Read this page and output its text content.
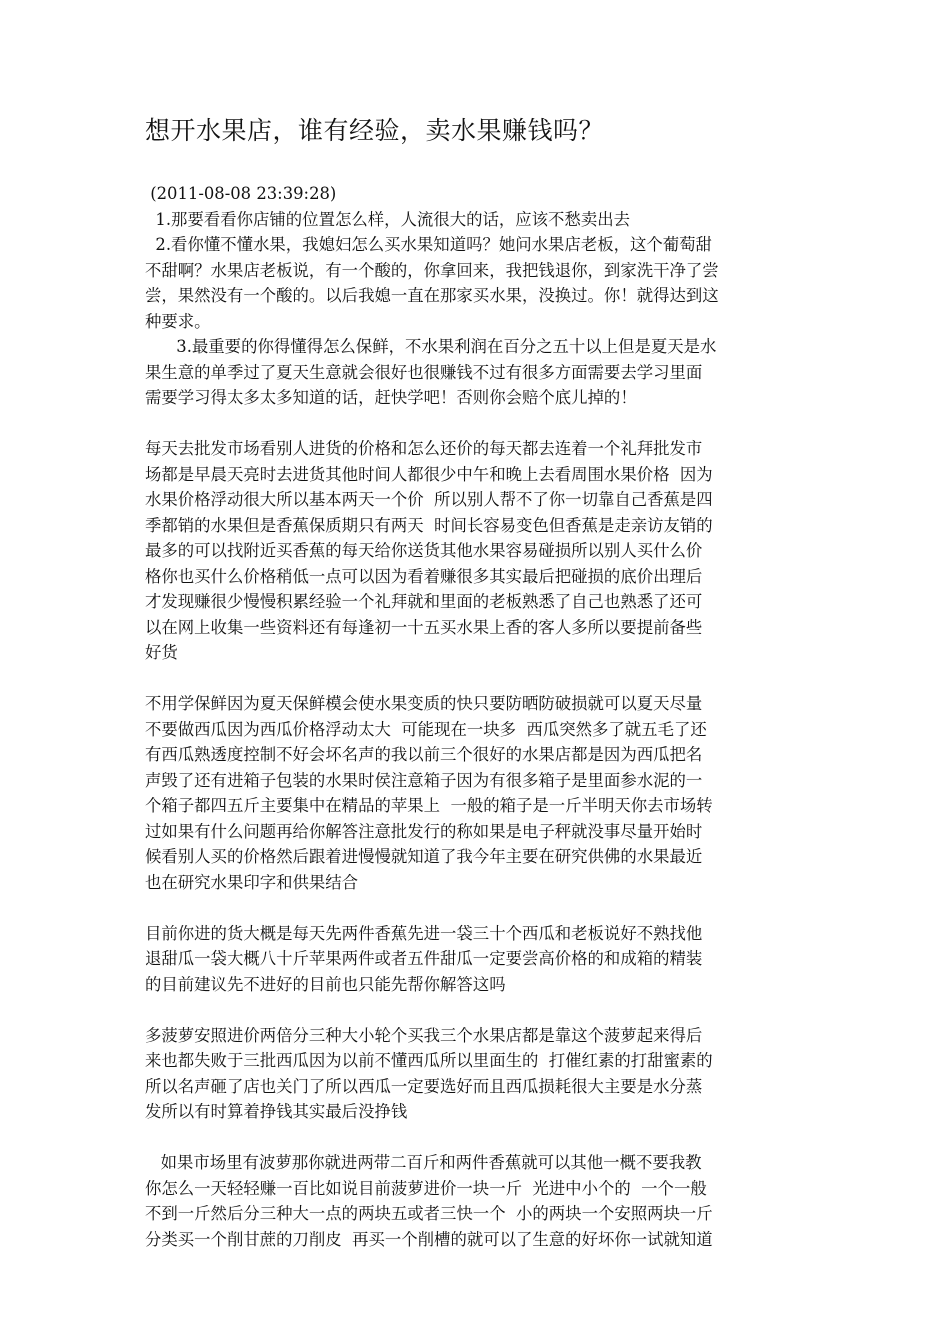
想开水果店，谁有经验，卖水果赚钱吗？
(2011-08-08 23:39:28)
1.那要看看你店铺的位置怎么样，人流很大的话，应该不愁卖出去
2.看你懂不懂水果，我媳妇怎么买水果知道吗？她问水果店老板，这个葡萄甜
不甜啊？水果店老板说，有一个酸的，你拿回来，我把钱退你，到家洗干净了尝
尝，果然没有一个酸的。以后我媳一直在那家买水果，没换过。你！就得达到这
种要求。
3.最重要的你得懂得怎么保鲜，不水果利润在百分之五十以上但是夏天是水
果生意的单季过了夏天生意就会很好也很赚钱不过有很多方面需要去学习里面
需要学习得太多太多知道的话，赶快学吧！否则你会赔个底儿掉的！
每天去批发市场看别人进货的价格和怎么还价的每天都去连着一个礼拜批发市
场都是早晨天亮时去进货其他时间人都很少中午和晚上去看周围水果价格  因为
水果价格浮动很大所以基本两天一个价  所以别人帮不了你一切靠自己香蕉是四
季都销的水果但是香蕉保质期只有两天  时间长容易变色但香蕉是走亲访友销的
最多的可以找附近买香蕉的每天给你送货其他水果容易碰损所以别人买什么价
格你也买什么价格稍低一点可以因为看着赚很多其实最后把碰损的底价出理后
才发现赚很少慢慢积累经验一个礼拜就和里面的老板熟悉了自己也熟悉了还可
以在网上收集一些资料还有每逢初一十五买水果上香的客人多所以要提前备些
好货
不用学保鲜因为夏天保鲜模会使水果变质的快只要防晒防破损就可以夏天尽量
不要做西瓜因为西瓜价格浮动太大  可能现在一块多  西瓜突然多了就五毛了还
有西瓜熟透度控制不好会坏名声的我以前三个很好的水果店都是因为西瓜把名
声毁了还有进箱子包装的水果时侯注意箱子因为有很多箱子是里面参水泥的一
个箱子都四五斤主要集中在精品的苹果上  一般的箱子是一斤半明天你去市场转
过如果有什么问题再给你解答注意批发行的称如果是电子秤就没事尽量开始时
候看别人买的价格然后跟着进慢慢就知道了我今年主要在研究供佛的水果最近
也在研究水果印字和供果结合
目前你进的货大概是每天先两件香蕉先进一袋三十个西瓜和老板说好不熟找他
退甜瓜一袋大概八十斤苹果两件或者五件甜瓜一定要尝高价格的和成箱的精装
的目前建议先不进好的目前也只能先帮你解答这吗
多菠萝安照进价两倍分三种大小轮个买我三个水果店都是靠这个菠萝起来得后
来也都失败于三批西瓜因为以前不懂西瓜所以里面生的  打催红素的打甜蜜素的
所以名声砸了店也关门了所以西瓜一定要选好而且西瓜损耗很大主要是水分蒸
发所以有时算着挣钱其实最后没挣钱
如果市场里有波萝那你就进两带二百斤和两件香蕉就可以其他一概不要我教
你怎么一天轻轻赚一百比如说目前菠萝进价一块一斤  光进中小个的  一个一般
不到一斤然后分三种大一点的两块五或者三快一个  小的两块一个安照两块一斤
分类买一个削甘蔗的刀削皮  再买一个削槽的就可以了生意的好坏你一试就知道
